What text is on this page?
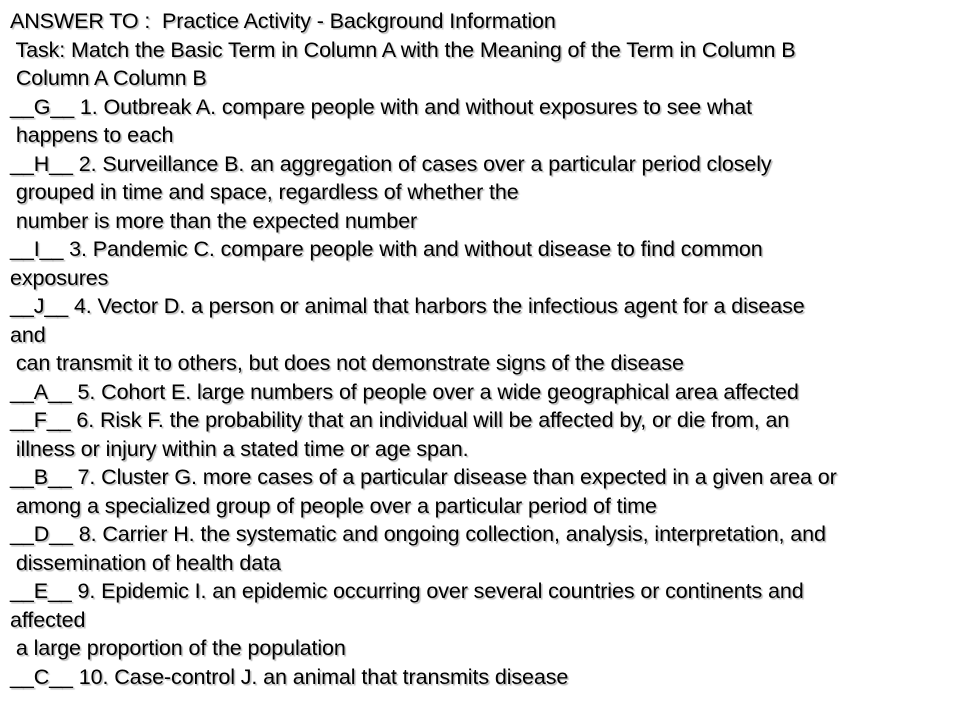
ANSWER TO :  Practice Activity - Background Information
Task: Match the Basic Term in Column A with the Meaning of the Term in Column B
Column A Column B
__G__ 1. Outbreak A. compare people with and without exposures to see what
happens to each
__H__ 2. Surveillance B. an aggregation of cases over a particular period closely
grouped in time and space, regardless of whether the
number is more than the expected number
__I__ 3. Pandemic C. compare people with and without disease to find common
exposures
__J__ 4. Vector D. a person or animal that harbors the infectious agent for a disease
and
can transmit it to others, but does not demonstrate signs of the disease
__A__ 5. Cohort E. large numbers of people over a wide geographical area affected
__F__ 6. Risk F. the probability that an individual will be affected by, or die from, an
illness or injury within a stated time or age span.
__B__ 7. Cluster G. more cases of a particular disease than expected in a given area or
among a specialized group of people over a particular period of time
__D__ 8. Carrier H. the systematic and ongoing collection, analysis, interpretation, and
dissemination of health data
__E__ 9. Epidemic I. an epidemic occurring over several countries or continents and
affected
a large proportion of the population
__C__ 10. Case-control J. an animal that transmits disease
